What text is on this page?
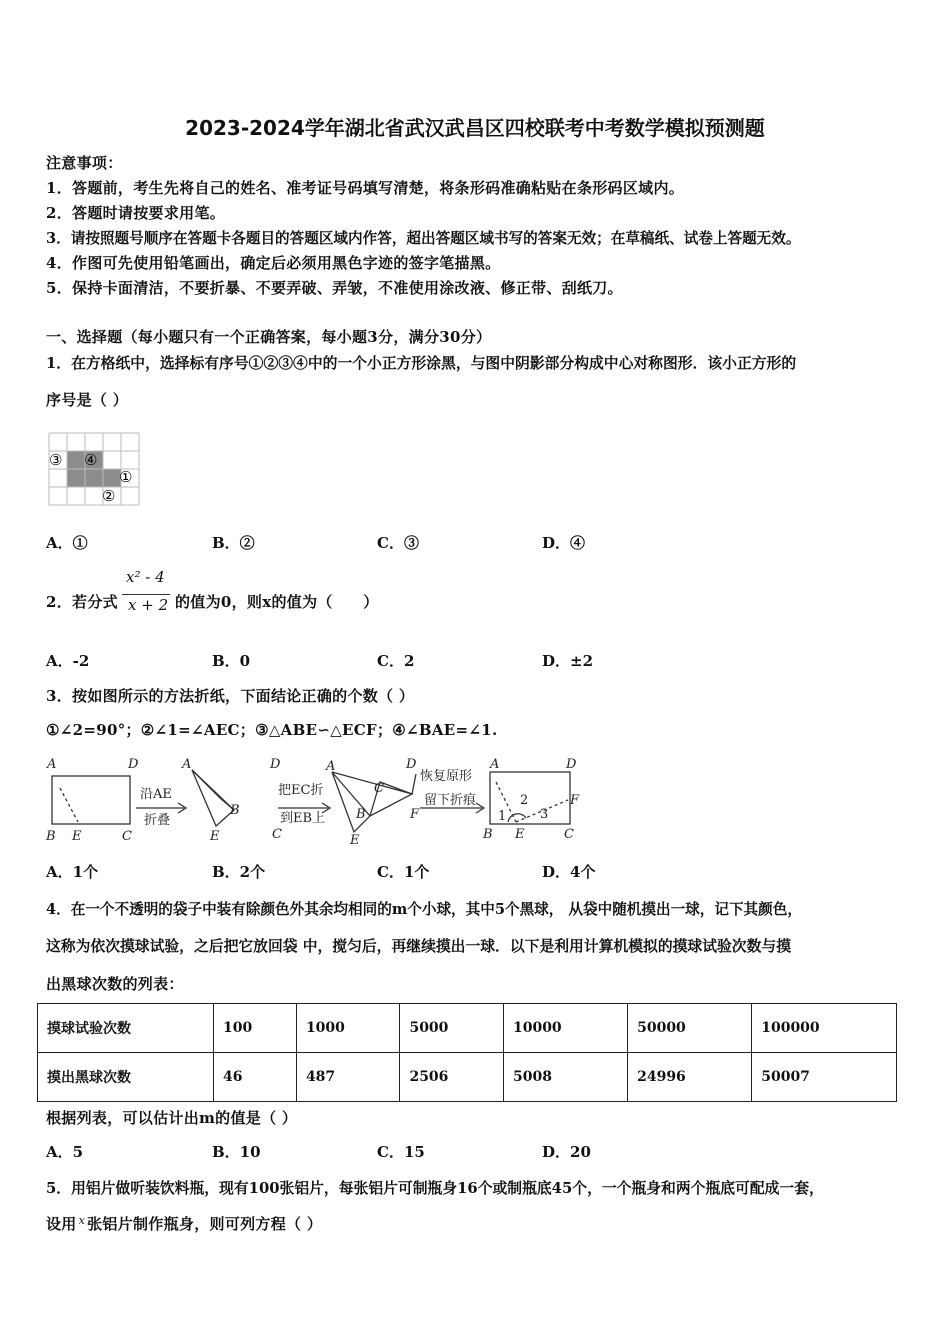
2023-2024学年湖北省武汉武昌区四校联考中考数学模拟预测题
注意事项：
1．答题前，考生先将自己的姓名、准考证号码填写清楚，将条形码准确粘贴在条形码区域内。
2．答题时请按要求用笔。
3．请按照题号顺序在答题卡各题目的答题区域内作答，超出答题区域书写的答案无效；在草稿纸、试卷上答题无效。
4．作图可先使用铅笔画出，确定后必须用黑色字迹的签字笔描黑。
5．保持卡面清洁，不要折暴、不要弄破、弄皱，不准使用涂改液、修正带、刮纸刀。
一、选择题（每小题只有一个正确答案，每小题3分，满分30分）
1．在方格纸中，选择标有序号①②③④中的一个小正方形涂黑，与图中阴影部分构成中心对称图形．该小正方形的
序号是（ ）
③ ④
①
②
A．①	B．②	C．③	D．④
2．若分式
x² - 4
x + 2 的值为0，则x的值为（　　）
A．-2	B．0	C．2	D．±2
3．按如图所示的方法折纸，下面结论正确的个数（ ）
①∠2=90°；②∠1=∠AEC；③△ABE∽△ECF；④∠BAE=∠1.
A	D
B E	C
A	D
B
E	C
A	D
C
B	F
E
A	D
F
B E	C
1
2
3
沿AE
折叠
把EC折
到EB上
恢复原形
留下折痕
A．1个	B．2个	C．1个	D．4个
4．在一个不透明的袋子中装有除颜色外其余均相同的m个小球，其中5个黑球， 从袋中随机摸出一球，记下其颜色，
这称为依次摸球试验，之后把它放回袋 中，搅匀后，再继续摸出一球．以下是利用计算机模拟的摸球试验次数与摸
出黑球次数的列表：
摸球试验次数	100	1000	5000	10000	50000	100000
摸出黑球次数	46	487	2506	5008	24996	50007
根据列表，可以估计出m的值是（ ）
A．5	B．10	C．15	D．20
5．用铝片做听装饮料瓶，现有100张铝片，每张铝片可制瓶身16个或制瓶底45个，一个瓶身和两个瓶底可配成一套，
设用 $^x$ 张铝片制作瓶身，则可列方程（ ）
